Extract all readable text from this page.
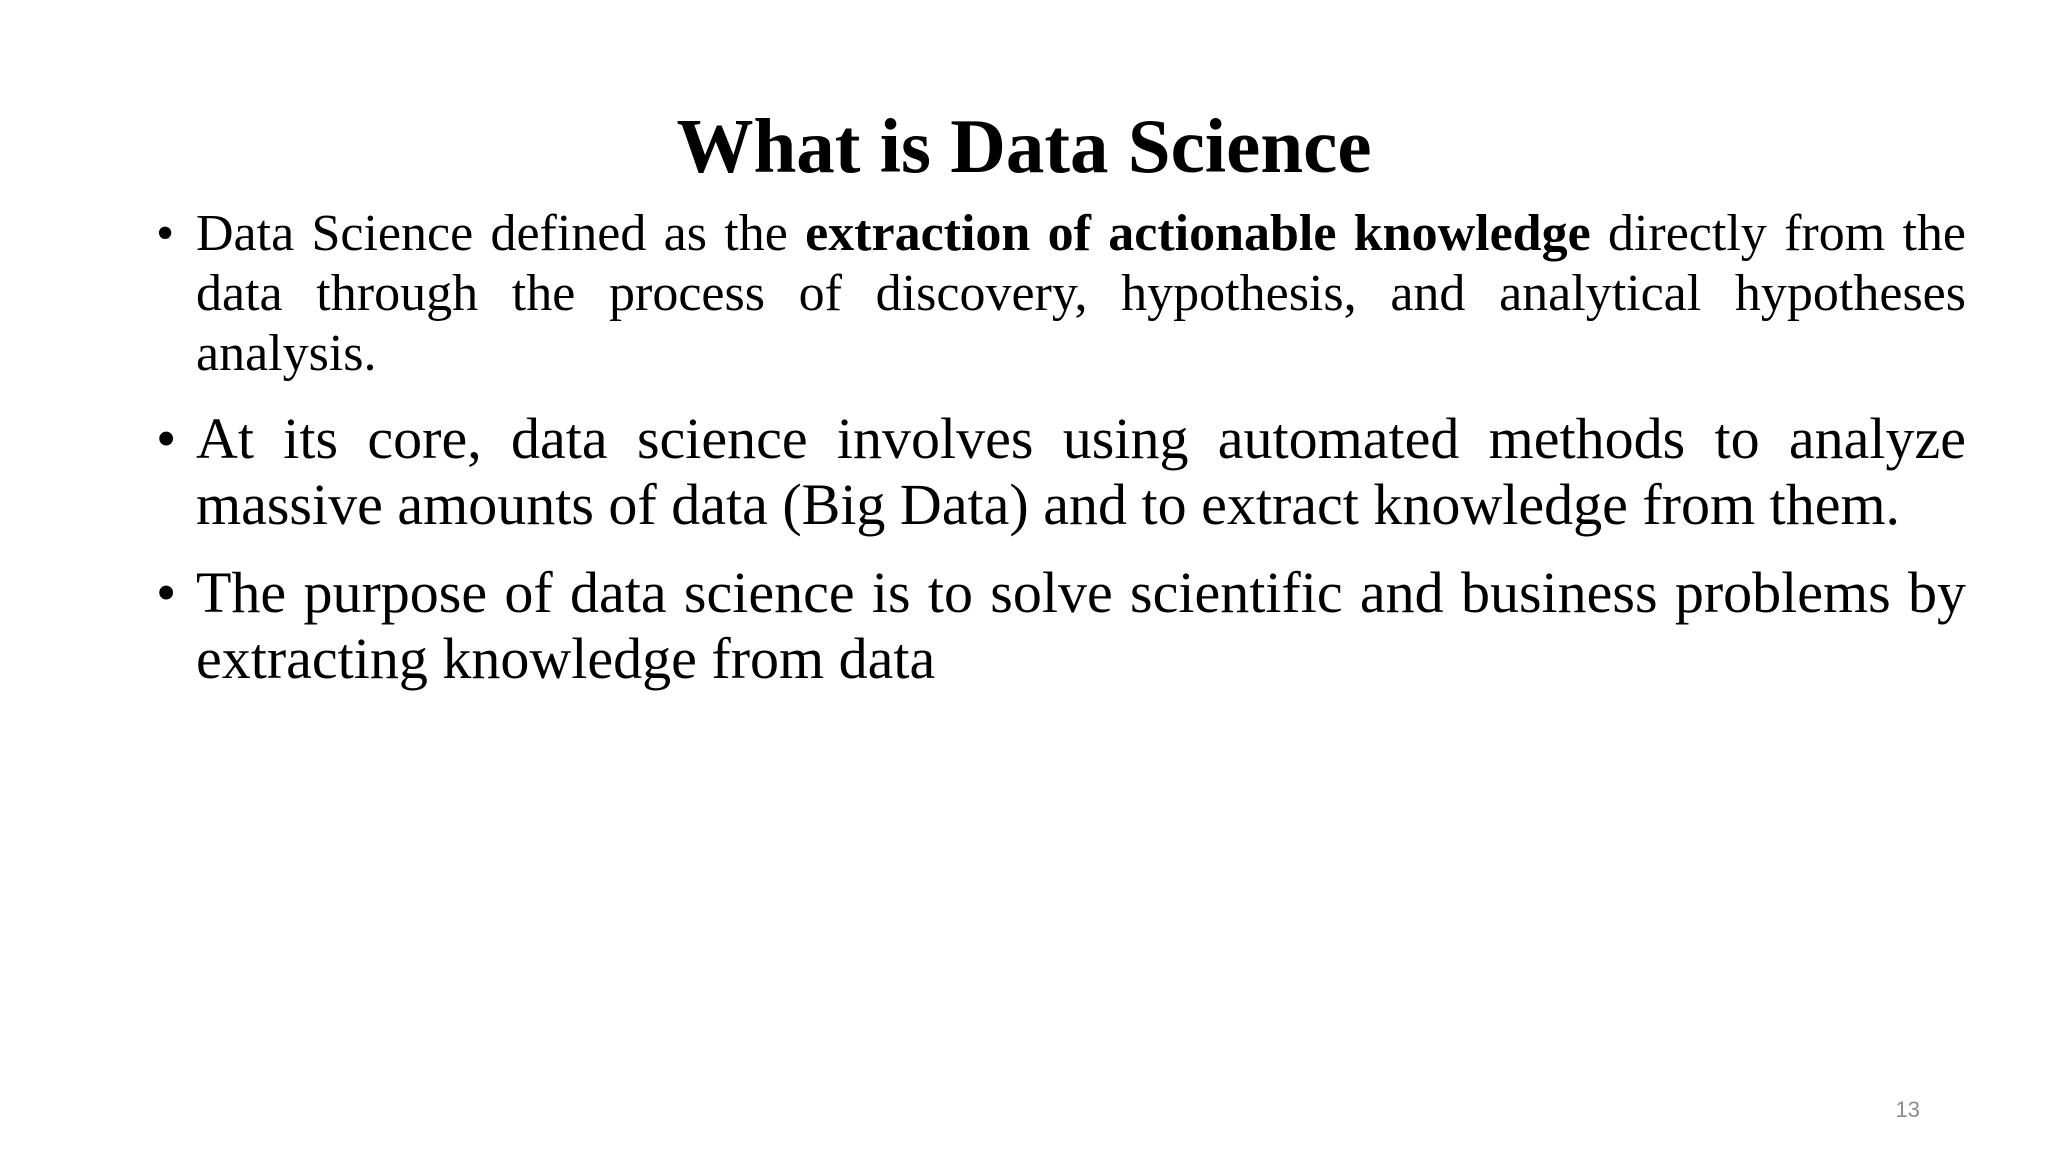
What is Data Science
• Data Science defined as the extraction of actionable knowledge directly from the data through the process of discovery, hypothesis, and analytical hypotheses analysis.
• At its core, data science involves using automated methods to analyze massive amounts of data (Big Data) and to extract knowledge from them.
• The purpose of data science is to solve scientific and business problems by extracting knowledge from data
13
